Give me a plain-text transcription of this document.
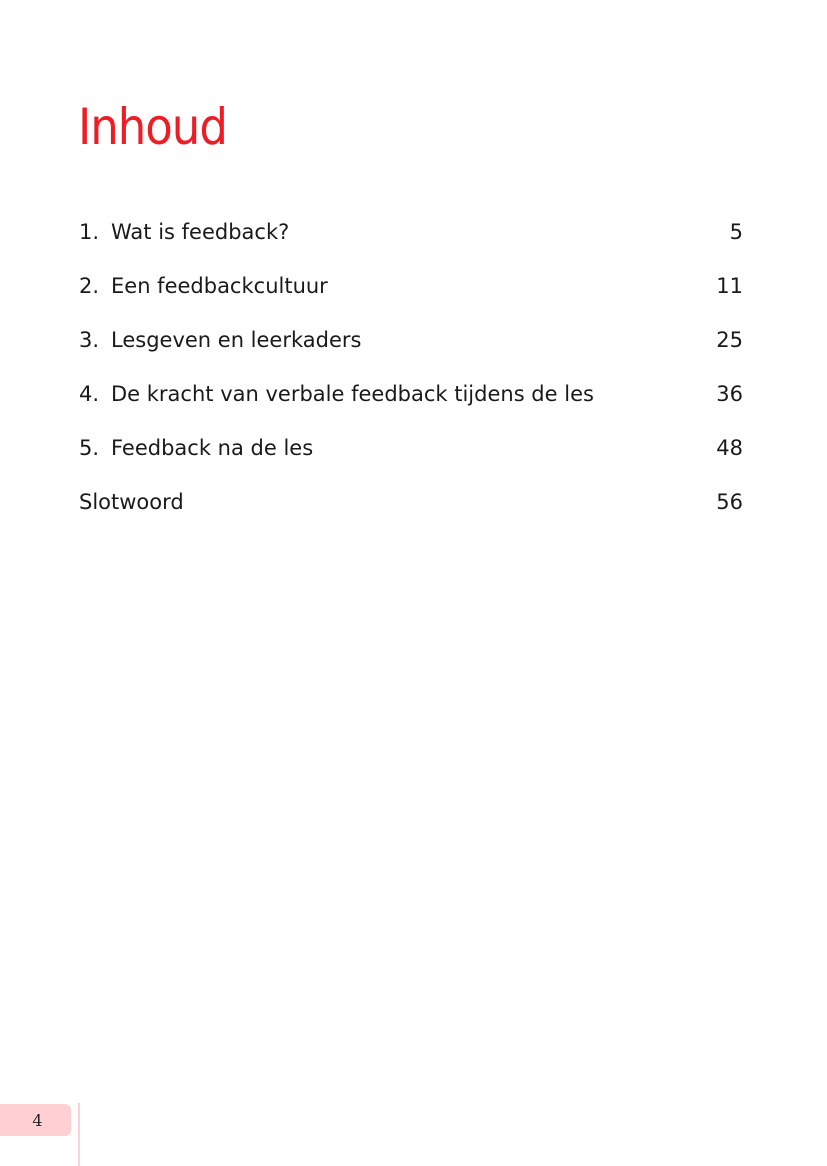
Inhoud
1. Wat is feedback?	5
2. Een feedbackcultuur	11
3. Lesgeven en leerkaders	25
4. De kracht van verbale feedback tijdens de les	36
5. Feedback na de les	48
Slotwoord	56
4
